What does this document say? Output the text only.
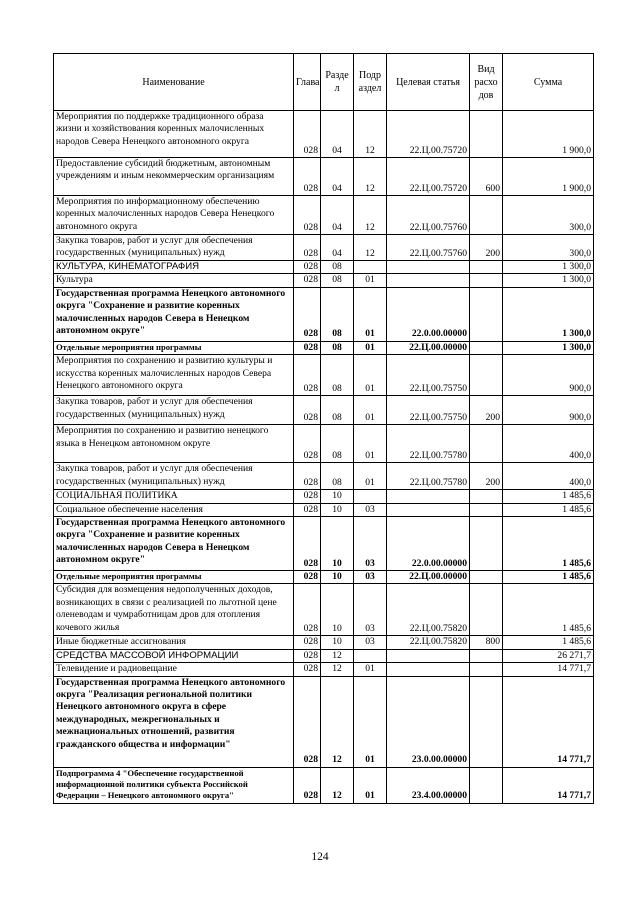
Наименование	Глава	Разде л	Подр аздел	Целевая статья	Вид расхо дов	Сумма
Мероприятия по поддержке традиционного образа жизни и хозяйствования коренных малочисленных народов Севера Ненецкого автономного округа	028	04	12	22.Ц.00.75720		1 900,0
Предоставление субсидий бюджетным, автономным учреждениям и иным некоммерческим организациям	028	04	12	22.Ц.00.75720	600	1 900,0
Мероприятия по информационному обеспечению коренных малочисленных народов Севера Ненецкого автономного округа	028	04	12	22.Ц.00.75760		300,0
Закупка товаров, работ и услуг для обеспечения государственных (муниципальных) нужд	028	04	12	22.Ц.00.75760	200	300,0
КУЛЬТУРА, КИНЕМАТОГРАФИЯ	028	08				1 300,0
Культура	028	08	01			1 300,0
Государственная программа Ненецкого автономного округа "Сохранение и развитие коренных малочисленных народов Севера в Ненецком автономном округе"	028	08	01	22.0.00.00000		1 300,0
Отдельные мероприятия программы	028	08	01	22.Ц.00.00000		1 300,0
Мероприятия по сохранению и развитию культуры и искусства коренных малочисленных народов Севера Ненецкого автономного округа	028	08	01	22.Ц.00.75750		900,0
Закупка товаров, работ и услуг для обеспечения государственных (муниципальных) нужд	028	08	01	22.Ц.00.75750	200	900,0
Мероприятия по сохранению и развитию ненецкого языка в Ненецком автономном округе	028	08	01	22.Ц.00.75780		400,0
Закупка товаров, работ и услуг для обеспечения государственных (муниципальных) нужд	028	08	01	22.Ц.00.75780	200	400,0
СОЦИАЛЬНАЯ ПОЛИТИКА	028	10				1 485,6
Социальное обеспечение населения	028	10	03			1 485,6
Государственная программа Ненецкого автономного округа "Сохранение и развитие коренных малочисленных народов Севера в Ненецком автономном округе"	028	10	03	22.0.00.00000		1 485,6
Отдельные мероприятия программы	028	10	03	22.Ц.00.00000		1 485,6
Субсидия для возмещения недополученных доходов, возникающих в связи с реализацией по льготной цене оленеводам и чумработницам дров для отопления кочевого жилья	028	10	03	22.Ц.00.75820		1 485,6
Иные бюджетные ассигнования	028	10	03	22.Ц.00.75820	800	1 485,6
СРЕДСТВА МАССОВОЙ ИНФОРМАЦИИ	028	12				26 271,7
Телевидение и радиовещание	028	12	01			14 771,7
Государственная программа Ненецкого автономного округа "Реализация региональной политики Ненецкого автономного округа в сфере международных, межрегиональных и межнациональных отношений, развития гражданского общества и информации"	028	12	01	23.0.00.00000		14 771,7
Подпрограмма 4 "Обеспечение государственной информационной политики субъекта Российской Федерации – Ненецкого автономного округа"	028	12	01	23.4.00.00000		14 771,7
124
